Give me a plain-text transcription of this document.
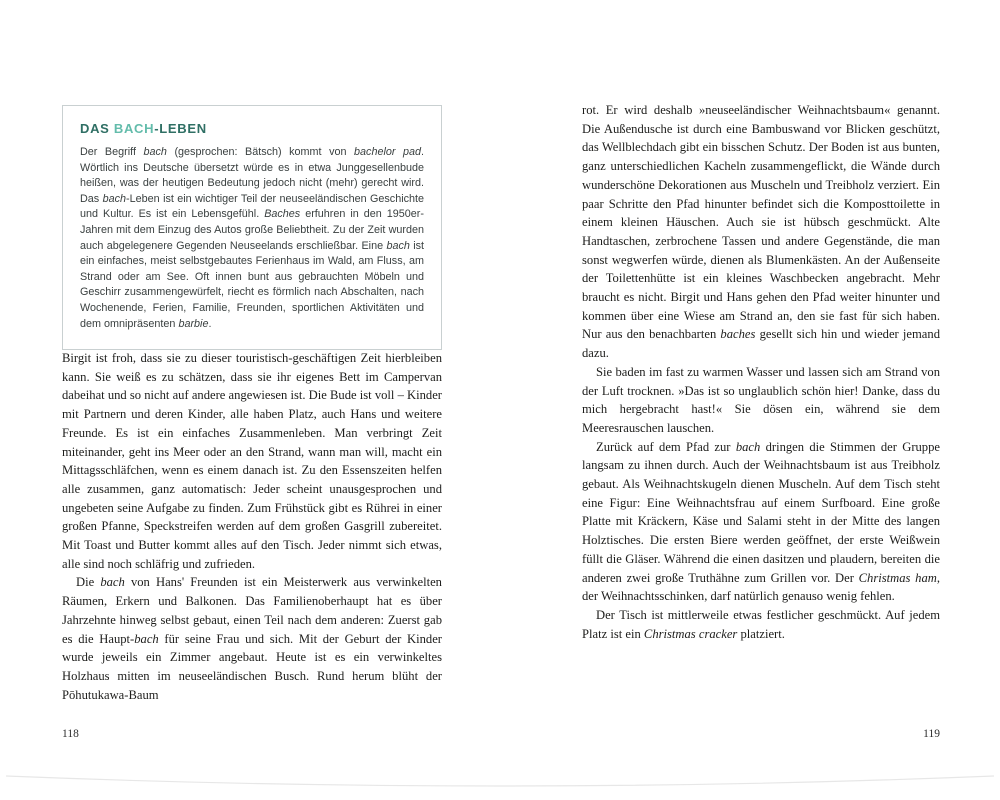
DAS BACH-LEBEN

Der Begriff bach (gesprochen: Bätsch) kommt von bachelor pad. Wörtlich ins Deutsche übersetzt würde es in etwa Junggesellenbude heißen, was der heutigen Bedeutung jedoch nicht (mehr) gerecht wird. Das bach-Leben ist ein wichtiger Teil der neuseeländischen Geschichte und Kultur. Es ist ein Lebensgefühl. Baches erfuhren in den 1950er-Jahren mit dem Einzug des Autos große Beliebtheit. Zu der Zeit wurden auch abgelegenere Gegenden Neuseelands erschließbar. Eine bach ist ein einfaches, meist selbstgebautes Ferienhaus im Wald, am Fluss, am Strand oder am See. Oft innen bunt aus gebrauchten Möbeln und Geschirr zusammengewürfelt, riecht es förmlich nach Abschalten, nach Wochenende, Ferien, Familie, Freunden, sportlichen Aktivitäten und dem omnipräsenten barbie.

Birgit ist froh, dass sie zu dieser touristisch-geschäftigen Zeit hierbleiben kann. Sie weiß es zu schätzen, dass sie ihr eigenes Bett im Campervan dabeihat und so nicht auf andere angewiesen ist. Die Bude ist voll – Kinder mit Partnern und deren Kinder, alle haben Platz, auch Hans und weitere Freunde. Es ist ein einfaches Zusammenleben. Man verbringt Zeit miteinander, geht ins Meer oder an den Strand, wann man will, macht ein Mittagsschläfchen, wenn es einem danach ist. Zu den Essenszeiten helfen alle zusammen, ganz automatisch: Jeder scheint unausgesprochen und ungebeten seine Aufgabe zu finden. Zum Frühstück gibt es Rührei in einer großen Pfanne, Speckstreifen werden auf dem großen Gasgrill zubereitet. Mit Toast und Butter kommt alles auf den Tisch. Jeder nimmt sich etwas, alle sind noch schläfrig und zufrieden.

Die bach von Hans' Freunden ist ein Meisterwerk aus verwinkelten Räumen, Erkern und Balkonen. Das Familienoberhaupt hat es über Jahrzehnte hinweg selbst gebaut, einen Teil nach dem anderen: Zuerst gab es die Haupt-bach für seine Frau und sich. Mit der Geburt der Kinder wurde jeweils ein Zimmer angebaut. Heute ist es ein verwinkeltes Holzhaus mitten im neuseeländischen Busch. Rund herum blüht der Pōhutukawa-Baum

118

rot. Er wird deshalb »neuseeländischer Weihnachtsbaum« genannt. Die Außendusche ist durch eine Bambuswand vor Blicken geschützt, das Wellblechdach gibt ein bisschen Schutz. Der Boden ist aus bunten, ganz unterschiedlichen Kacheln zusammengeflickt, die Wände durch wunderschöne Dekorationen aus Muscheln und Treibholz verziert. Ein paar Schritte den Pfad hinunter befindet sich die Komposttoilette in einem kleinen Häuschen. Auch sie ist hübsch geschmückt. Alte Handtaschen, zerbrochene Tassen und andere Gegenstände, die man sonst wegwerfen würde, dienen als Blumenkästen. An der Außenseite der Toilettenhütte ist ein kleines Waschbecken angebracht. Mehr braucht es nicht. Birgit und Hans gehen den Pfad weiter hinunter und kommen über eine Wiese am Strand an, den sie fast für sich haben. Nur aus den benachbarten baches gesellt sich hin und wieder jemand dazu.

Sie baden im fast zu warmen Wasser und lassen sich am Strand von der Luft trocknen. »Das ist so unglaublich schön hier! Danke, dass du mich hergebracht hast!« Sie dösen ein, während sie dem Meeresrauschen lauschen.

Zurück auf dem Pfad zur bach dringen die Stimmen der Gruppe langsam zu ihnen durch. Auch der Weihnachtsbaum ist aus Treibholz gebaut. Als Weihnachtskugeln dienen Muscheln. Auf dem Tisch steht eine Figur: Eine Weihnachtsfrau auf einem Surfboard. Eine große Platte mit Kräckern, Käse und Salami steht in der Mitte des langen Holztisches. Die ersten Biere werden geöffnet, der erste Weißwein füllt die Gläser. Während die einen dasitzen und plaudern, bereiten die anderen zwei große Truthähne zum Grillen vor. Der Christmas ham, der Weihnachtsschinken, darf natürlich genauso wenig fehlen.

Der Tisch ist mittlerweile etwas festlicher geschmückt. Auf jedem Platz ist ein Christmas cracker platziert.

119
